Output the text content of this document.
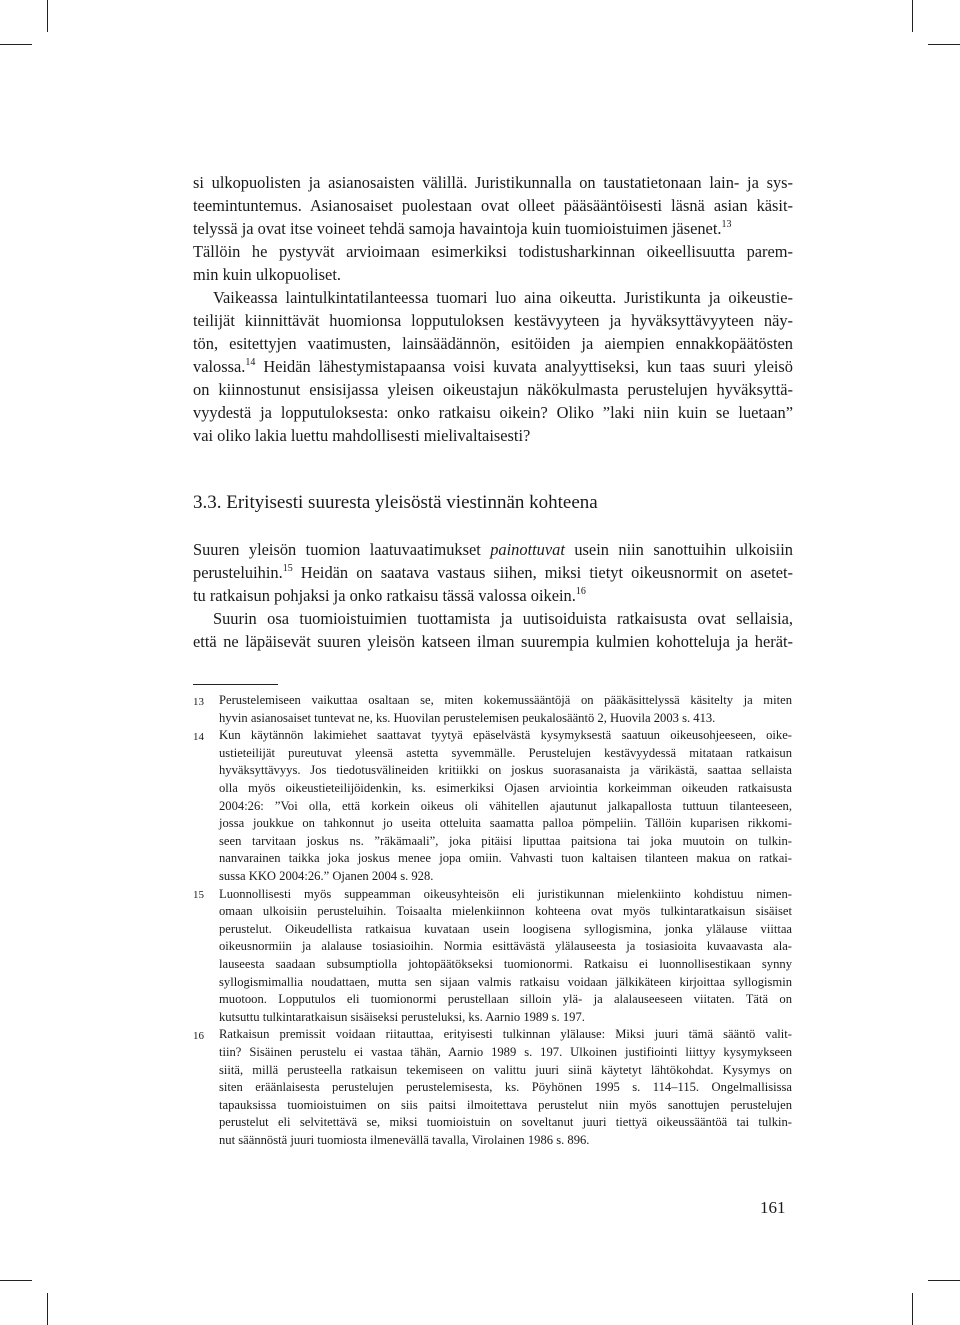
si ulkopuolisten ja asianosaisten välillä. Juristikunnalla on taustatietonaan lain- ja sys-
teemintuntemus. Asianosaiset puolestaan ovat olleet pääsääntöisesti läsnä asian käsit-
telyssä ja ovat itse voineet tehdä samoja havaintoja kuin tuomioistuimen jäsenet.$^{13}$
Tällöin he pystyvät arvioimaan esimerkiksi todistusharkinnan oikeellisuutta parem-
min kuin ulkopuoliset.
Vaikeassa laintulkintatilanteessa tuomari luo aina oikeutta. Juristikunta ja oikeustie-
teilijät kiinnittävät huomionsa lopputuloksen kestävyyteen ja hyväksyttävyyteen näy-
tön, esitettyjen vaatimusten, lainsäädännön, esitöiden ja aiempien ennakkopäätösten
valossa.$^{14}$ Heidän lähestymistapaansa voisi kuvata analyyttiseksi, kun taas suuri yleisö
on kiinnostunut ensisijassa yleisen oikeustajun näkökulmasta perustelujen hyväksyttä-
vyydestä ja lopputuloksesta: onko ratkaisu oikein? Oliko ”laki niin kuin se luetaan”
vai oliko lakia luettu mahdollisesti mielivaltaisesti?
3.3. Erityisesti suuresta yleisöstä viestinnän kohteena
Suuren yleisön tuomion laatuvaatimukset painottuvat usein niin sanottuihin ulkoisiin
perusteluihin.$^{15}$ Heidän on saatava vastaus siihen, miksi tietyt oikeusnormit on asetet-
tu ratkaisun pohjaksi ja onko ratkaisu tässä valossa oikein.$^{16}$
Suurin osa tuomioistuimien tuottamista ja uutisoiduista ratkaisusta ovat sellaisia,
että ne läpäisevät suuren yleisön katseen ilman suurempia kulmien kohotteluja ja herät-
13 Perustelemiseen vaikuttaa osaltaan se, miten kokemussääntöjä on pääkäsittelyssä käsitelty ja miten
hyvin asianosaiset tuntevat ne, ks. Huovilan perustelemisen peukalosääntö 2, Huovila 2003 s. 413.
14 Kun käytännön lakimiehet saattavat tyytyä epäselvästä kysymyksestä saatuun oikeusohjeeseen, oike-
ustieteilijät pureutuvat yleensä astetta syvemmälle. Perustelujen kestävyydessä mitataan ratkaisun
hyväksyttävyys. Jos tiedotusvälineiden kritiikki on joskus suorasanaista ja värikästä, saattaa sellaista
olla myös oikeustieteilijöidenkin, ks. esimerkiksi Ojasen arviointia korkeimman oikeuden ratkaisusta
2004:26: ”Voi olla, että korkein oikeus oli vähitellen ajautunut jalkapallosta tuttuun tilanteeseen,
jossa joukkue on tahkonnut jo useita otteluita saamatta palloa pömpeliin. Tällöin kuparisen rikkomi-
seen tarvitaan joskus ns. ”räkämaali”, joka pitäisi liputtaa paitsiona tai joka muutoin on tulkin-
nanvarainen taikka joka joskus menee jopa omiin. Vahvasti tuon kaltaisen tilanteen makua on ratkai-
sussa KKO 2004:26.” Ojanen 2004 s. 928.
15 Luonnollisesti myös suppeamman oikeusyhteisön eli juristikunnan mielenkiinto kohdistuu nimen-
omaan ulkoisiin perusteluihin. Toisaalta mielenkiinnon kohteena ovat myös tulkintaratkaisun sisäiset
perustelut. Oikeudellista ratkaisua kuvataan usein loogisena syllogismina, jonka ylälause viittaa
oikeusnormiin ja alalause tosiasioihin. Normia esittävästä ylälauseesta ja tosiasioita kuvaavasta ala-
lauseesta saadaan subsumptiolla johtopäätökseksi tuomionormi. Ratkaisu ei luonnollisestikaan synny
syllogismimallia noudattaen, mutta sen sijaan valmis ratkaisu voidaan jälkikäteen kirjoittaa syllogismin
muotoon. Lopputulos eli tuomionormi perustellaan silloin ylä- ja alalauseeseen viitaten. Tätä on
kutsuttu tulkintaratkaisun sisäiseksi perusteluksi, ks. Aarnio 1989 s. 197.
16 Ratkaisun premissit voidaan riitauttaa, erityisesti tulkinnan ylälause: Miksi juuri tämä sääntö valit-
tiin? Sisäinen perustelu ei vastaa tähän, Aarnio 1989 s. 197. Ulkoinen justifiointi liittyy kysymykseen
siitä, millä perusteella ratkaisun tekemiseen on valittu juuri siinä käytetyt lähtökohdat. Kysymys on
siten eräänlaisesta perustelujen perustelemisesta, ks. Pöyhönen 1995 s. 114–115. Ongelmallisissa
tapauksissa tuomioistuimen on siis paitsi ilmoitettava perustelut niin myös sanottujen perustelujen
perustelut eli selvitettävä se, miksi tuomioistuin on soveltanut juuri tiettyä oikeussääntöä tai tulkin-
nut säännöstä juuri tuomiosta ilmenevällä tavalla, Virolainen 1986 s. 896.
161
